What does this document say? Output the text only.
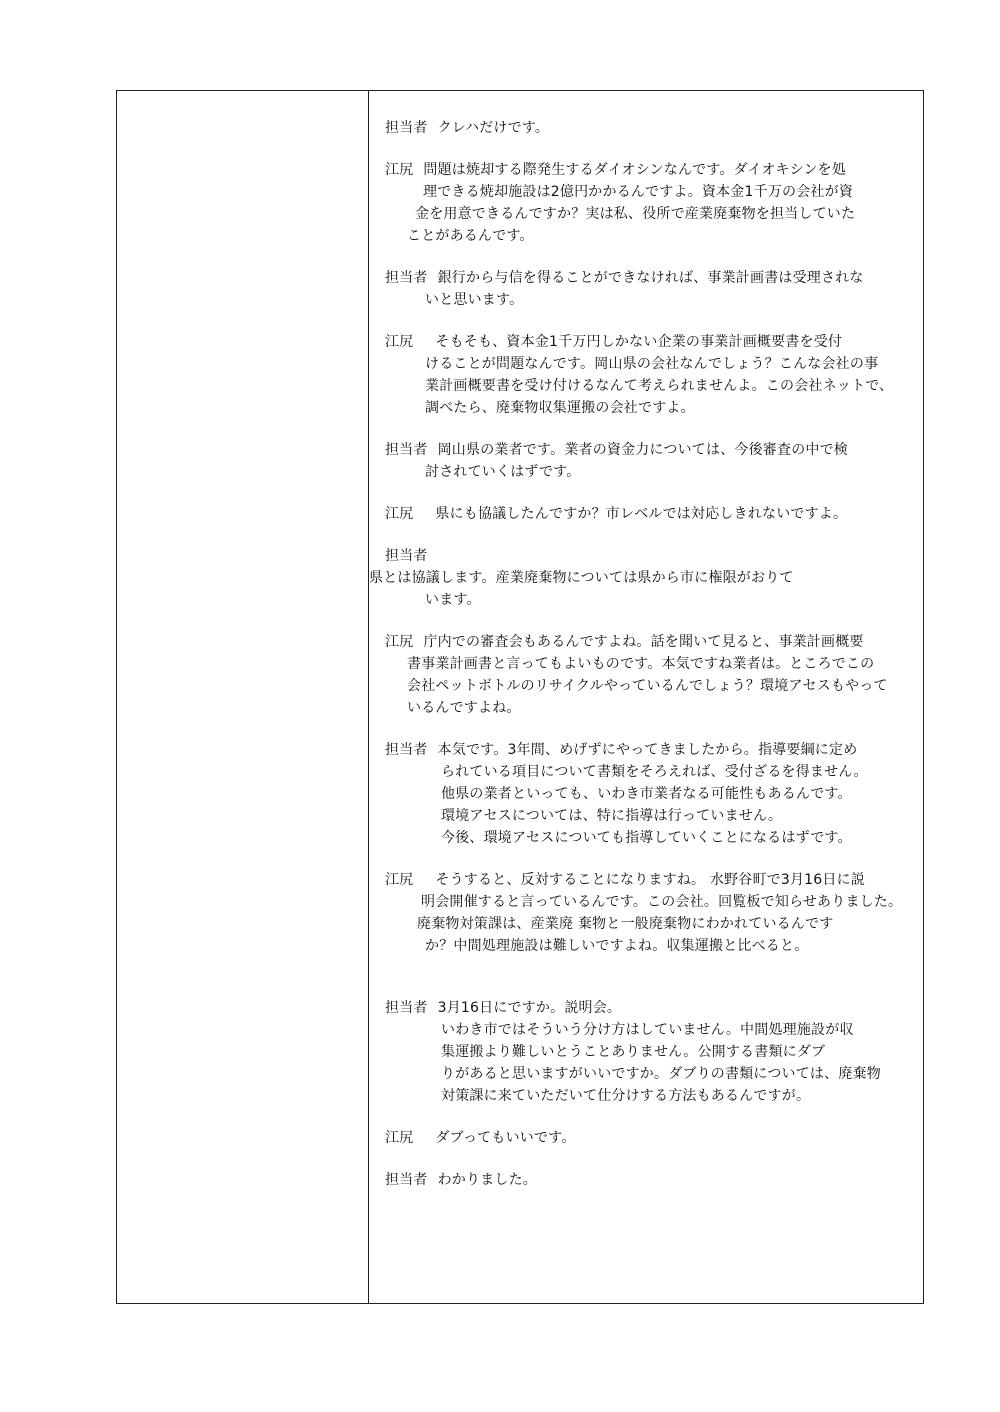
担当者 クレハだけです。

江尻 問題は焼却する際発生するダイオシンなんです。ダイオキシンを処
理できる焼却施設は2億円かかるんですよ。資本金1千万の会社が資
金を用意できるんですか？実は私、役所で産業廃棄物を担当していた
ことがあるんです。

担当者 銀行から与信を得ることができなければ、事業計画書は受理されな
いと思います。

江尻 そもそも、資本金1千万円しかない企業の事業計画概要書を受付
けることが問題なんです。岡山県の会社なんでしょう？こんな会社の事
業計画概要書を受け付けるなんて考えられませんよ。この会社ネットで、
調べたら、廃棄物収集運搬の会社ですよ。

担当者 岡山県の業者です。業者の資金力については、今後審査の中で検
討されていくはずです。

江尻 県にも協議したんですか？市レベルでは対応しきれないですよ。

担当者
県とは協議します。産業廃棄物については県から市に権限がおりて
います。

江尻 庁内での審査会もあるんですよね。話を聞いて見ると、事業計画概要
書事業計画書と言ってもよいものです。本気ですね業者は。ところでこの
会社ペットボトルのリサイクルやっているんでしょう？環境アセスもやって
いるんですよね。

担当者 本気です。3年間、めげずにやってきましたから。指導要綱に定め
られている項目について書類をそろえれば、受付ざるを得ません。
他県の業者といっても、いわき市業者なる可能性もあるんです。
環境アセスについては、特に指導は行っていません。
今後、環境アセスについても指導していくことになるはずです。

江尻 そうすると、反対することになりますね。 水野谷町で3月16日に説
明会開催すると言っているんです。この会社。回覧板で知らせありました。
廃棄物対策課は、産業廃 棄物と一般廃棄物にわかれているんです
か？中間処理施設は難しいですよね。収集運搬と比べると。

担当者 3月16日にですか。説明会。
いわき市ではそういう分け方はしていません。中間処理施設が収
集運搬より難しいとうことありません。公開する書類にダブ
りがあると思いますがいいですか。ダブりの書類については、廃棄物
対策課に来ていただいて仕分けする方法もあるんですが。

江尻 ダブってもいいです。

担当者 わかりました。
